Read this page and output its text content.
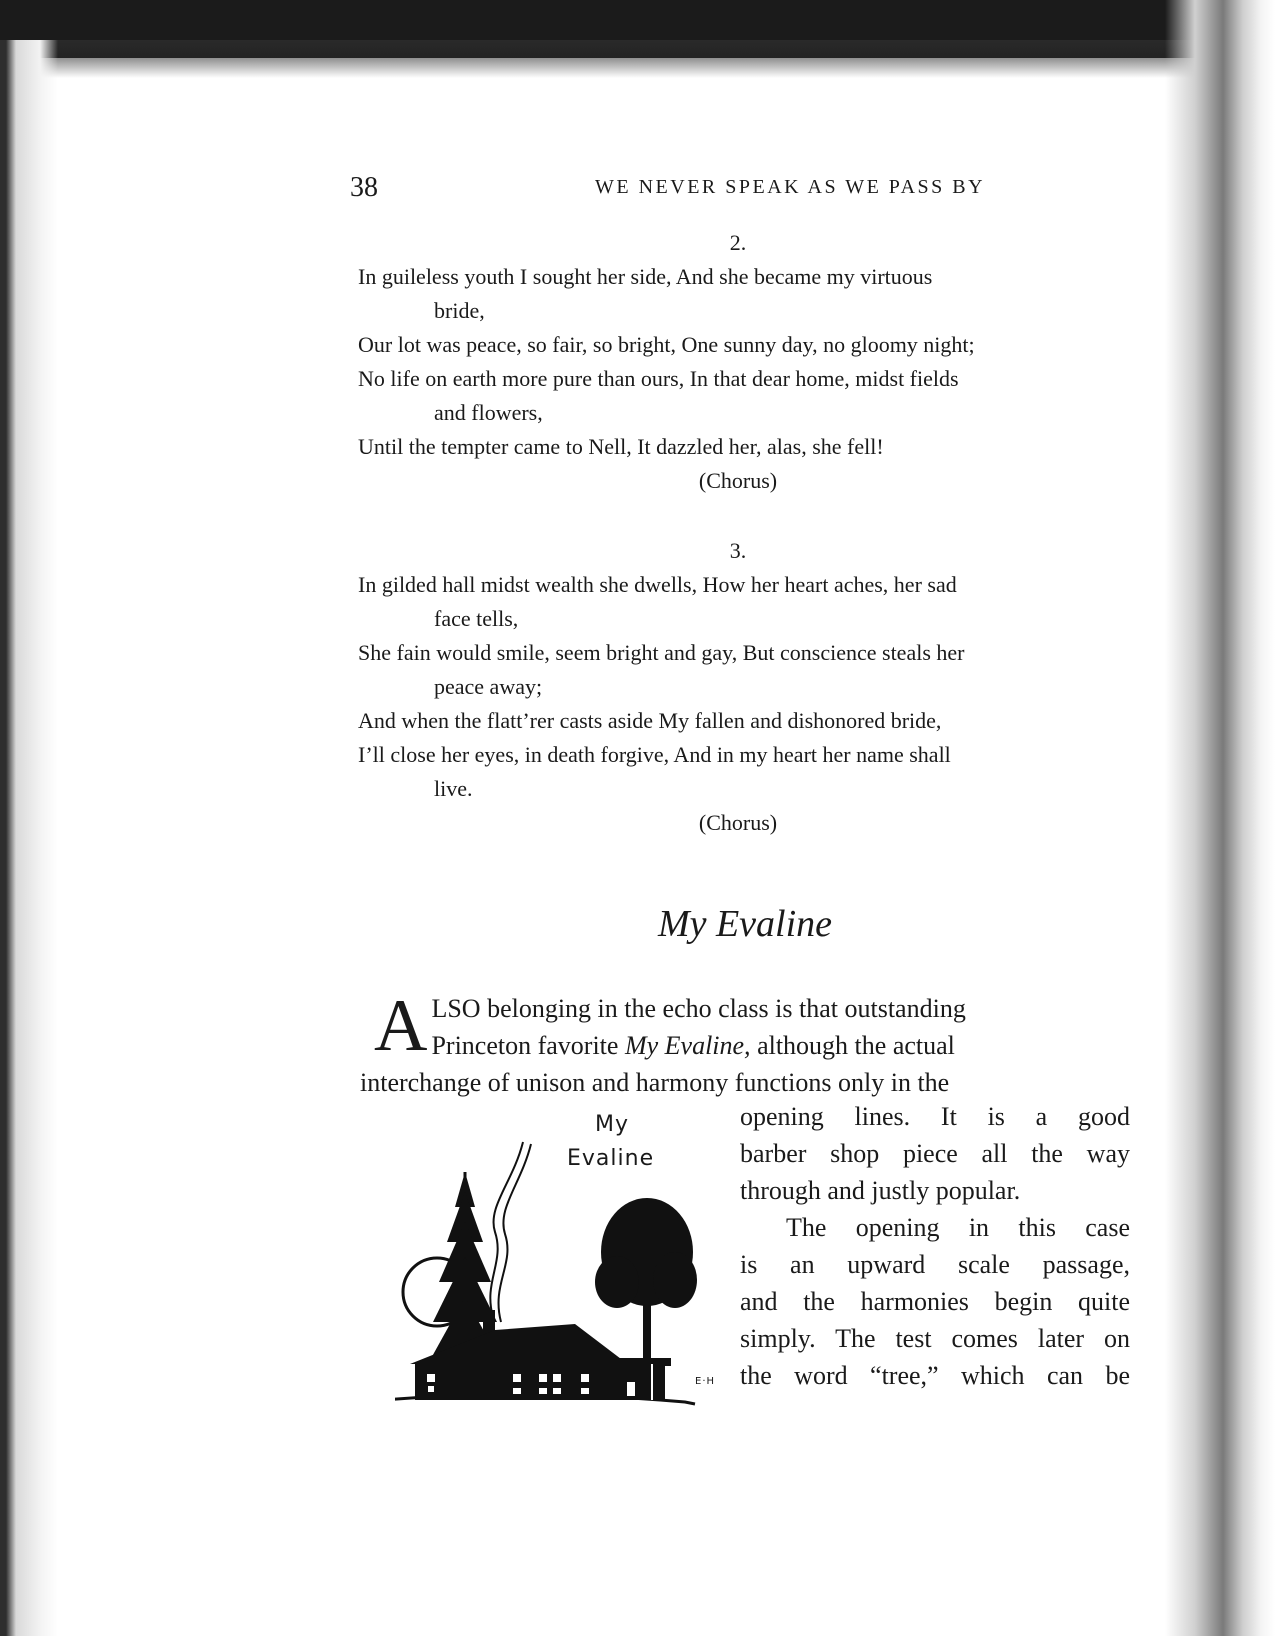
38	WE NEVER SPEAK AS WE PASS BY
2.
In guileless youth I sought her side, And she became my virtuous
bride,
Our lot was peace, so fair, so bright, One sunny day, no gloomy night;
No life on earth more pure than ours, In that dear home, midst fields
and flowers,
Until the tempter came to Nell, It dazzled her, alas, she fell!
(Chorus)
3.
In gilded hall midst wealth she dwells, How her heart aches, her sad
face tells,
She fain would smile, seem bright and gay, But conscience steals her
peace away;
And when the flatt’rer casts aside My fallen and dishonored bride,
I’ll close her eyes, in death forgive, And in my heart her name shall
live.
(Chorus)
My Evaline
A LSO belonging in the echo class is that outstanding
Princeton favorite My Evaline, although the actual
interchange of unison and harmony functions only in the
opening lines. It is a good
barber shop piece all the way
through and justly popular.
The opening in this case
is an upward scale passage,
and the harmonies begin quite
simply. The test comes later on
the word “tree,” which can be
My
Evaline
E·H
